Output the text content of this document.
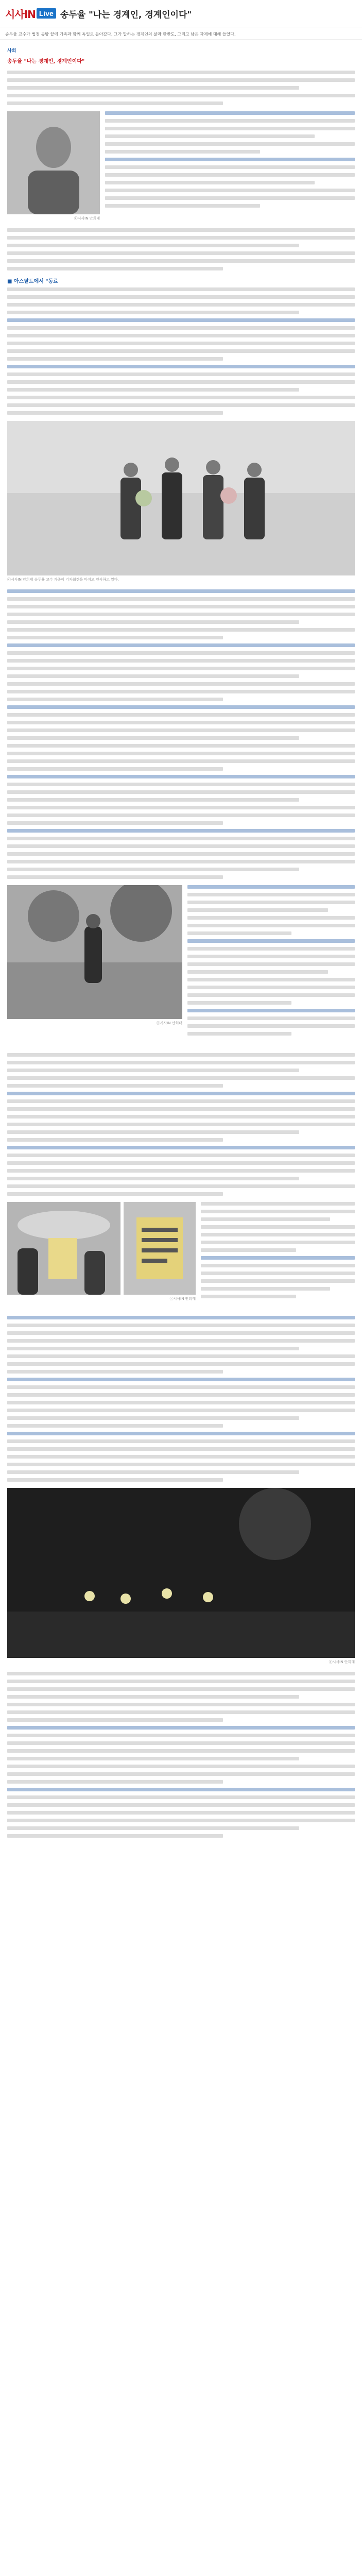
시사IN Live 송두율 "나는 경계인, 경계인이다"
송두율 교수가 법정 공방 끝에 가족과 함께 독일로 돌아갔다. 그가 말하는 경계인의 삶과 한반도, 그리고 남은 과제에 대해 들었다.
사회
송두율 "나는 경계인, 경계인이다"
ⓒ시사IN 안희태
■ 아스팔트에서 "동료
ⓒ시사IN 안희태 송두율 교수 가족이 기자회견을 마치고 인사하고 있다.
ⓒ시사IN 안희태
ⓒ시사IN 안희태
ⓒ시사IN 안희태
